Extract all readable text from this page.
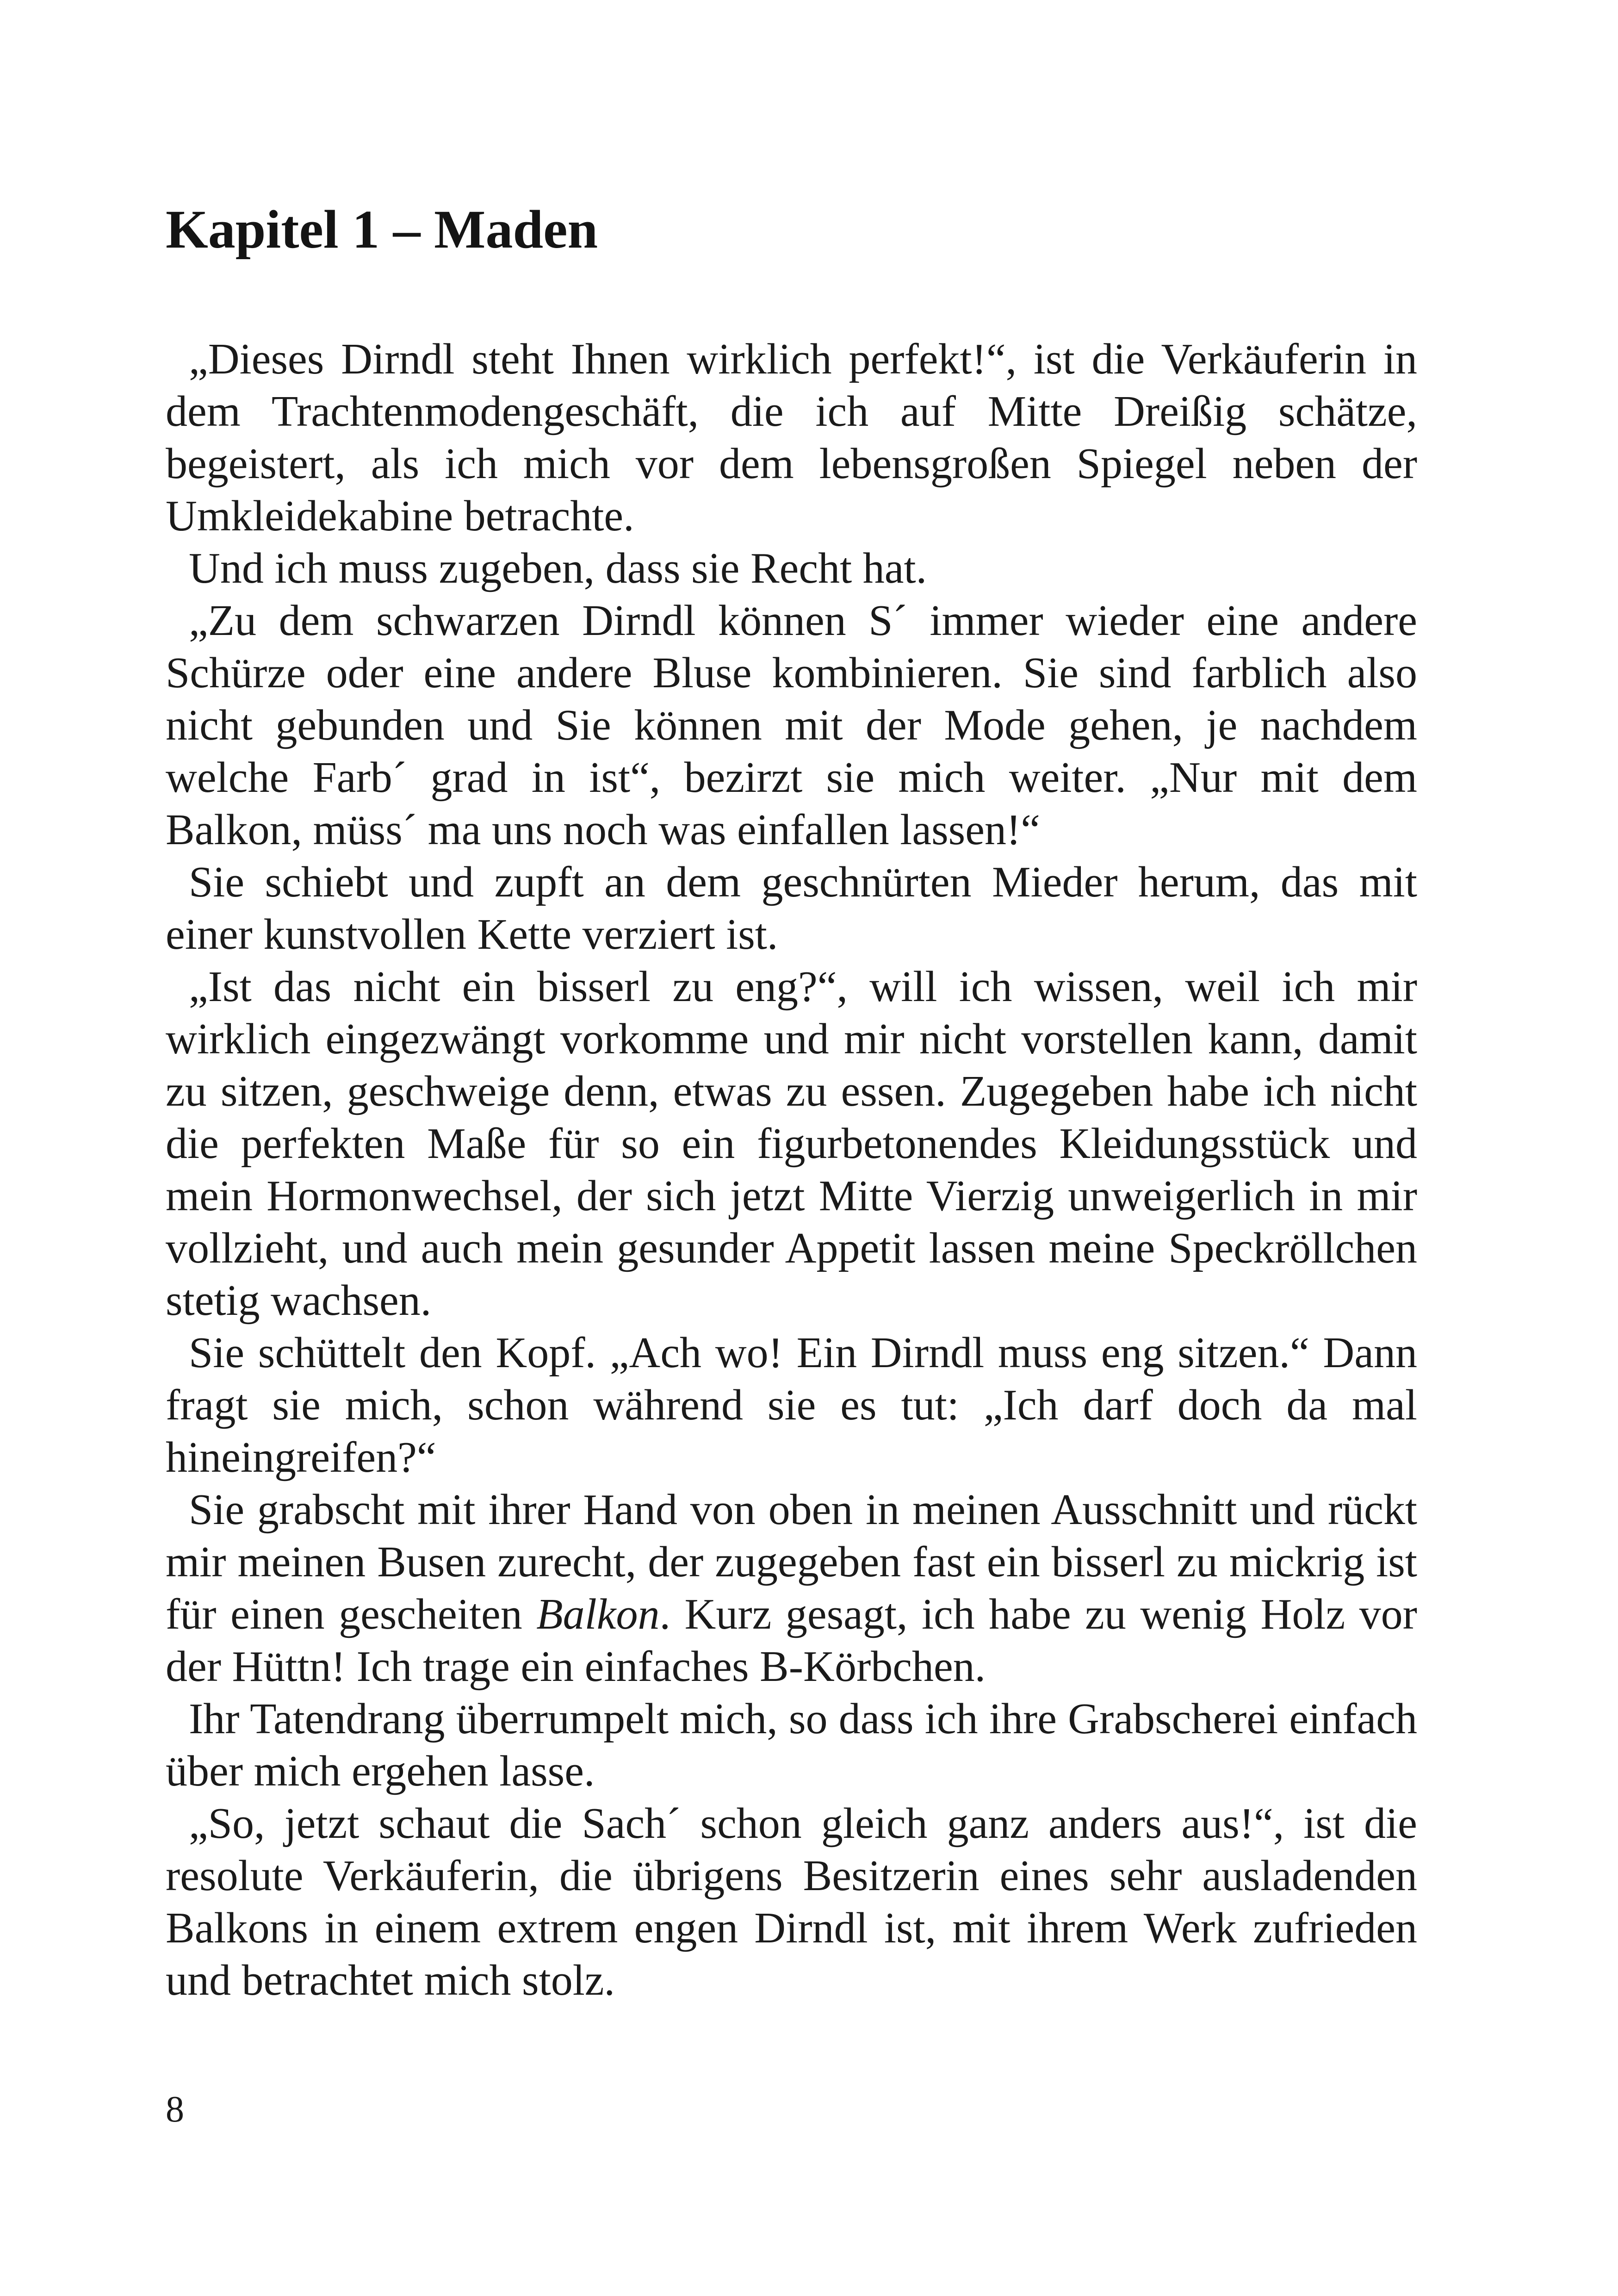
Kapitel 1 – Maden

„Dieses Dirndl steht Ihnen wirklich perfekt!“, ist die Verkäuferin in dem Trachtenmodengeschäft, die ich auf Mitte Dreißig schätze, begeistert, als ich mich vor dem lebensgroßen Spiegel neben der Umkleidekabine betrachte.

Und ich muss zugeben, dass sie Recht hat.

„Zu dem schwarzen Dirndl können S´ immer wieder eine andere Schürze oder eine andere Bluse kombinieren. Sie sind farblich also nicht gebunden und Sie können mit der Mode gehen, je nachdem welche Farb´ grad in ist“, bezirzt sie mich weiter. „Nur mit dem Balkon, müss´ ma uns noch was einfallen lassen!“

Sie schiebt und zupft an dem geschnürten Mieder herum, das mit einer kunstvollen Kette verziert ist.

„Ist das nicht ein bisserl zu eng?“, will ich wissen, weil ich mir wirklich eingezwängt vorkomme und mir nicht vorstellen kann, damit zu sitzen, geschweige denn, etwas zu essen. Zugegeben habe ich nicht die perfekten Maße für so ein figurbetonendes Kleidungsstück und mein Hormonwechsel, der sich jetzt Mitte Vierzig unweigerlich in mir vollzieht, und auch mein gesunder Appetit lassen meine Speckröllchen stetig wachsen.

Sie schüttelt den Kopf. „Ach wo! Ein Dirndl muss eng sitzen.“ Dann fragt sie mich, schon während sie es tut: „Ich darf doch da mal hineingreifen?“

Sie grabscht mit ihrer Hand von oben in meinen Ausschnitt und rückt mir meinen Busen zurecht, der zugegeben fast ein bisserl zu mickrig ist für einen gescheiten Balkon. Kurz gesagt, ich habe zu wenig Holz vor der Hüttn! Ich trage ein einfaches B-Körbchen.

Ihr Tatendrang überrumpelt mich, so dass ich ihre Grabscherei einfach über mich ergehen lasse.

„So, jetzt schaut die Sach´ schon gleich ganz anders aus!“, ist die resolute Verkäuferin, die übrigens Besitzerin eines sehr ausladenden Balkons in einem extrem engen Dirndl ist, mit ihrem Werk zufrieden und betrachtet mich stolz.

8
